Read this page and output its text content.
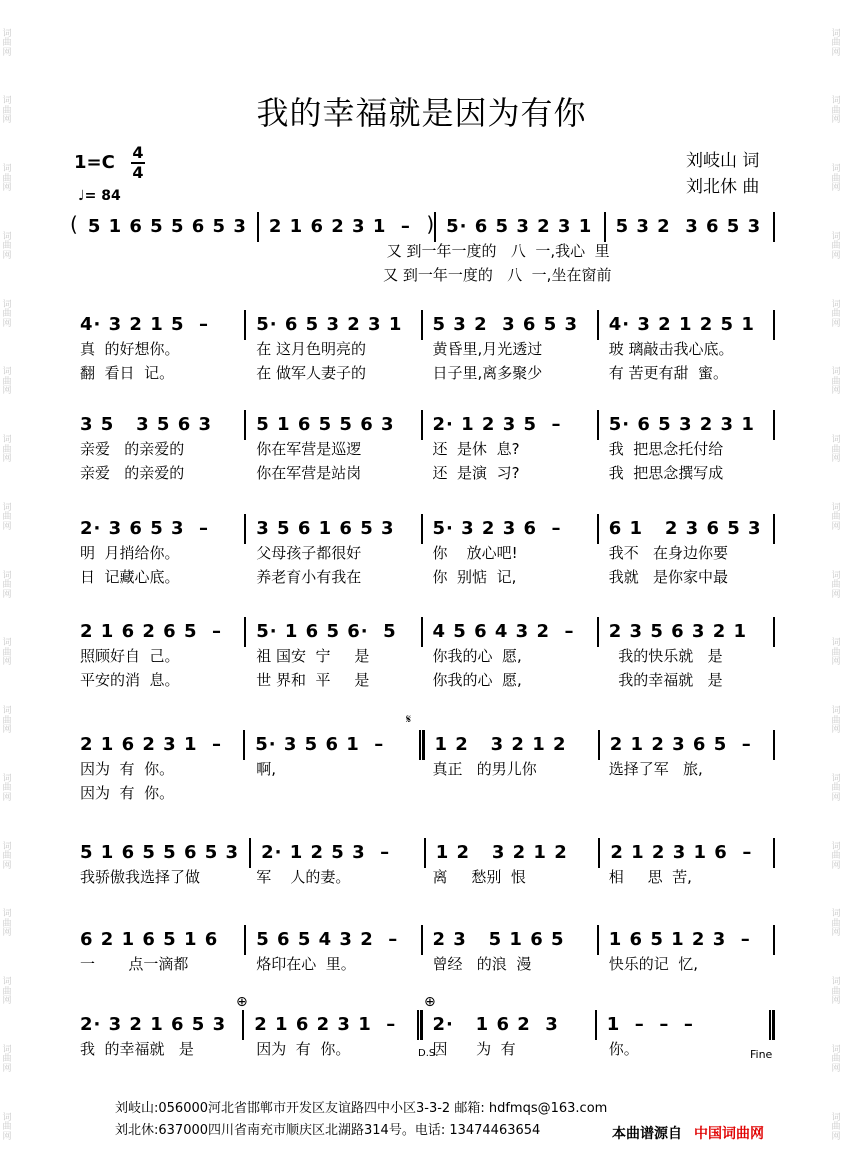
词
曲
网
词
曲
网
词
曲
网
词
曲
网
词
曲
网
词
曲
网
词
曲
网
词
曲
网
词
曲
网
词
曲
网
词
曲
网
词
曲
网
词
曲
网
词
曲
网
词
曲
网
词
曲
网
词
曲
网
词
曲
网
词
曲
网
词
曲
网
词
曲
网
词
曲
网
词
曲
网
词
曲
网
词
曲
网
词
曲
网
词
曲
网
词
曲
网
词
曲
网
词
曲
网
词
曲
网
词
曲
网
词
曲
网
词
曲
网
我的幸福就是因为有你
1=C 4
4
♩= 84
刘岐山 词
刘北休 曲
( 5 1 6 5 5 6 5 3	2 1 6 2 3 1  – ) 5· 6 5 3 2 3 1	5 3 2  3 6 5 3
又 到一年一度的   八  一,我心  里
又 到一年一度的   八  一,坐在窗前
4· 3 2 1 5  –	5· 6 5 3 2 3 1	5 3 2  3 6 5 3	4· 3 2 1 2 5 1
真  的好想你。	在 这月色明亮的	黄昏里,月光透过	玻 璃敲击我心底。
翻  看日  记。	在 做军人妻子的	日子里,离多聚少	有 苦更有甜  蜜。
3 5   3 5 6 3	5 1 6 5 5 6 3	2· 1 2 3 5  –	5· 6 5 3 2 3 1
亲爱   的亲爱的	你在军营是巡逻	还  是休  息?	我  把思念托付给
亲爱   的亲爱的	你在军营是站岗	还  是演  习?	我  把思念撰写成
2· 3 6 5 3  –	3 5 6 1 6 5 3	5· 3 2 3 6  –	6 1   2 3 6 5 3
明  月捎给你。	父母孩子都很好	你    放心吧!	我不   在身边你要
日  记藏心底。	养老育小有我在	你  别惦  记,	我就   是你家中最
2 1 6 2 6 5  –	5· 1 6 5 6·  5	4 5 6 4 3 2  –	2 3 5 6 3 2 1
照顾好自  己。	祖 国安  宁     是	你我的心  愿,	我的快乐就   是
平安的消  息。	世 界和  平     是	你我的心  愿,	我的幸福就   是
2 1 6 2 3 1  –	5· 3 5 6 1  –	1 2   3 2 1 2	2 1 2 3 6 5  –
因为  有  你。	啊,	真正   的男儿你	选择了军   旅,
因为  有  你。
5 1 6 5 5 6 5 3	2· 1 2 5 3  –	1 2   3 2 1 2	2 1 2 3 1 6  –
我骄傲我选择了做	军    人的妻。	离     愁别  恨	相     思  苦,
6 2 1 6 5 1 6	5 6 5 4 3 2  –	2 3   5 1 6 5	1 6 5 1 2 3  –
一       点一滴都	烙印在心  里。	曾经   的浪  漫	快乐的记  忆,
2· 3 2 1 6 5 3	2 1 6 2 3 1  –	2·   1 6 2  3	1  –  –  –
我  的幸福就   是	因为  有  你。	因      为  有	你。
𝄋
⊕	⊕
D.S.	Fine
刘岐山:056000河北省邯郸市开发区友谊路四中小区3-3-2 邮箱: hdfmqs@163.com
刘北休:637000四川省南充市顺庆区北湖路314号。电话: 13474463654	本曲谱源自 中国词曲网
